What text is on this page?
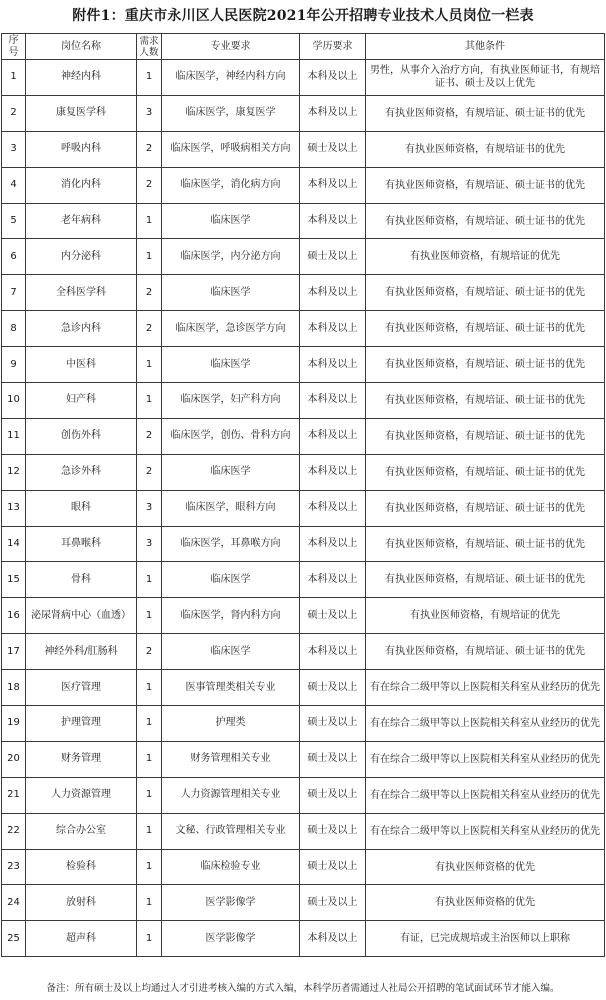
附件1：重庆市永川区人民医院2021年公开招聘专业技术人员岗位一栏表
序号	岗位名称	需求人数	专业要求	学历要求	其他条件
1	神经内科	1	临床医学，神经内科方向	本科及以上	男性，从事介入治疗方向，有执业医师证书，有规培证书、硕士及以上优先
2	康复医学科	3	临床医学，康复医学	本科及以上	有执业医师资格，有规培证、硕士证书的优先
3	呼吸内科	2	临床医学，呼吸病相关方向	硕士及以上	有执业医师资格，有规培证书的优先
4	消化内科	2	临床医学，消化病方向	本科及以上	有执业医师资格，有规培证、硕士证书的优先
5	老年病科	1	临床医学	本科及以上	有执业医师资格，有规培证、硕士证书的优先
6	内分泌科	1	临床医学，内分泌方向	硕士及以上	有执业医师资格，有规培证的优先
7	全科医学科	2	临床医学	本科及以上	有执业医师资格，有规培证、硕士证书的优先
8	急诊内科	2	临床医学，急诊医学方向	本科及以上	有执业医师资格，有规培证、硕士证书的优先
9	中医科	1	临床医学	本科及以上	有执业医师资格，有规培证、硕士证书的优先
10	妇产科	1	临床医学，妇产科方向	本科及以上	有执业医师资格，有规培证、硕士证书的优先
11	创伤外科	2	临床医学，创伤、骨科方向	本科及以上	有执业医师资格，有规培证、硕士证书的优先
12	急诊外科	2	临床医学	本科及以上	有执业医师资格，有规培证、硕士证书的优先
13	眼科	3	临床医学，眼科方向	本科及以上	有执业医师资格，有规培证、硕士证书的优先
14	耳鼻喉科	3	临床医学，耳鼻喉方向	本科及以上	有执业医师资格，有规培证、硕士证书的优先
15	骨科	1	临床医学	本科及以上	有执业医师资格，有规培证、硕士证书的优先
16	泌尿肾病中心（血透）	1	临床医学，肾内科方向	硕士及以上	有执业医师资格，有规培证的优先
17	神经外科/肛肠科	2	临床医学	本科及以上	有执业医师资格，有规培证、硕士证书的优先
18	医疗管理	1	医事管理类相关专业	硕士及以上	有在综合二级甲等以上医院相关科室从业经历的优先
19	护理管理	1	护理类	硕士及以上	有在综合二级甲等以上医院相关科室从业经历的优先
20	财务管理	1	财务管理相关专业	硕士及以上	有在综合二级甲等以上医院相关科室从业经历的优先
21	人力资源管理	1	人力资源管理相关专业	硕士及以上	有在综合二级甲等以上医院相关科室从业经历的优先
22	综合办公室	1	文秘、行政管理相关专业	硕士及以上	有在综合二级甲等以上医院相关科室从业经历的优先
23	检验科	1	临床检验专业	硕士及以上	有执业医师资格的优先
24	放射科	1	医学影像学	硕士及以上	有执业医师资格的优先
25	超声科	1	医学影像学	本科及以上	有证，已完成规培或主治医师以上职称
备注：所有硕士及以上均通过人才引进考核入编的方式入编，本科学历者需通过人社局公开招聘的笔试面试环节才能入编。
